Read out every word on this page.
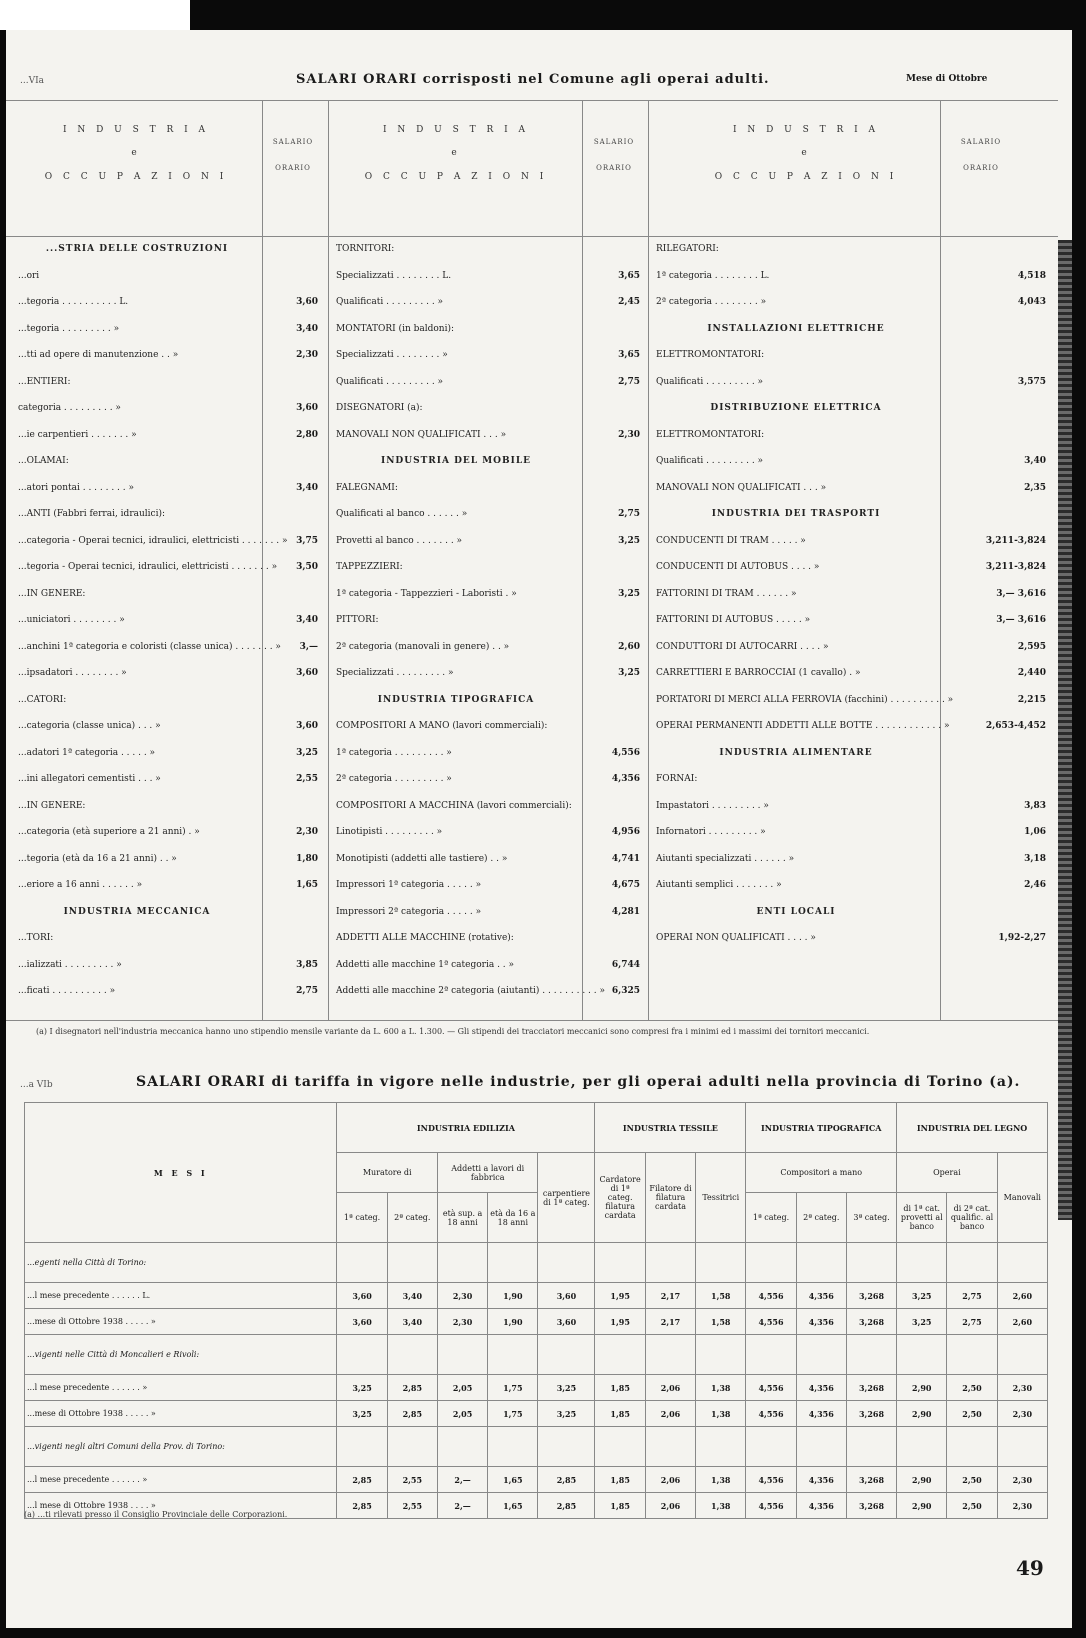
...VIa	SALARI ORARI corrisposti nel Comune agli operai adulti.	Mese di Ottobre
I N D U S T R I A
e
O C C U P A Z I O N I
SALARIO
ORARIO
I N D U S T R I A
e
O C C U P A Z I O N I
SALARIO
ORARIO
I N D U S T R I A
e
O C C U P A Z I O N I
SALARIO
ORARIO
...STRIA DELLE COSTRUZIONI
...ori
...tegoria . . . . . . . . . . L.	3,60
...tegoria . . . . . . . . . »	3,40
...tti ad opere di manutenzione . . »	2,30
...ENTIERI:
categoria . . . . . . . . . »	3,60
...ie carpentieri . . . . . . . »	2,80
...OLAMAI:
...atori pontai . . . . . . . . »	3,40
...ANTI (Fabbri ferrai, idraulici):
...categoria - Operai tecnici, idraulici, elettricisti . . . . . . . » 3,75
...tegoria - Operai tecnici, idraulici, elettricisti . . . . . . . »	3,50
...IN GENERE:
...uniciatori . . . . . . . . »	3,40
...anchini 1ª categoria e coloristi (classe unica) . . . . . . . »	3,—
...ipsadatori . . . . . . . . »	3,60
...CATORI:
...categoria (classe unica) . . . »	3,60
...adatori 1ª categoria . . . . . »	3,25
...ini allegatori cementisti . . . »	2,55
...IN GENERE:
...categoria (età superiore a 21 anni) . »	2,30
...tegoria (età da 16 a 21 anni) . . »	1,80
...eriore a 16 anni . . . . . . »	1,65
INDUSTRIA MECCANICA
...TORI:
...ializzati . . . . . . . . . »	3,85
...ficati . . . . . . . . . . »	2,75
TORNITORI:
Specializzati . . . . . . . . L.	3,65
Qualificati . . . . . . . . . »	2,45
MONTATORI (in baldoni):
Specializzati . . . . . . . . »	3,65
Qualificati . . . . . . . . . »	2,75
DISEGNATORI (a):
MANOVALI NON QUALIFICATI . . . »	2,30
INDUSTRIA DEL MOBILE
FALEGNAMI:
Qualificati al banco . . . . . . »	2,75
Provetti al banco . . . . . . . »	3,25
TAPPEZZIERI:
1ª categoria - Tappezzieri - Laboristi . »	3,25
PITTORI:
2ª categoria (manovali in genere) . . »	2,60
Specializzati . . . . . . . . . »	3,25
INDUSTRIA TIPOGRAFICA
COMPOSITORI A MANO (lavori commerciali):
1ª categoria . . . . . . . . . »	4,556
2ª categoria . . . . . . . . . »	4,356
COMPOSITORI A MACCHINA (lavori commerciali):
Linotipisti . . . . . . . . . »	4,956
Monotipisti (addetti alle tastiere) . . »	4,741
Impressori 1ª categoria . . . . . »	4,675
Impressori 2ª categoria . . . . . »	4,281
ADDETTI ALLE MACCHINE (rotative):
Addetti alle macchine 1ª categoria . . »	6,744
Addetti alle macchine 2ª categoria (aiutanti) . . . . . . . . . . » 6,325
RILEGATORI:
1ª categoria . . . . . . . . L.	4,518
2ª categoria . . . . . . . . »	4,043
INSTALLAZIONI ELETTRICHE
ELETTROMONTATORI:
Qualificati . . . . . . . . . »	3,575
DISTRIBUZIONE ELETTRICA
ELETTROMONTATORI:
Qualificati . . . . . . . . . »	3,40
MANOVALI NON QUALIFICATI . . . »	2,35
INDUSTRIA DEI TRASPORTI
CONDUCENTI DI TRAM . . . . . »	3,211-3,824
CONDUCENTI DI AUTOBUS . . . . »	3,211-3,824
FATTORINI DI TRAM . . . . . . »	3,— 3,616
FATTORINI DI AUTOBUS . . . . . »	3,— 3,616
CONDUTTORI DI AUTOCARRI . . . . »	2,595
CARRETTIERI E BARROCCIAI (1 cavallo) . »	2,440
PORTATORI DI MERCI ALLA FERROVIA (facchini) . . . . . . . . . . »	2,215
OPERAI PERMANENTI ADDETTI ALLE BOTTE . . . . . . . . . . . . »	2,653-4,452
INDUSTRIA ALIMENTARE
FORNAI:
Impastatori . . . . . . . . . »	3,83
Infornatori . . . . . . . . . »	1,06
Aiutanti specializzati . . . . . . »	3,18
Aiutanti semplici . . . . . . . »	2,46
ENTI LOCALI
OPERAI NON QUALIFICATI . . . . »	1,92-2,27
(a) I disegnatori nell'industria meccanica hanno uno stipendio mensile variante da L. 600 a L. 1.300. — Gli stipendi dei tracciatori meccanici sono compresi fra i minimi ed i massimi dei tornitori meccanici.
...a VIb	SALARI ORARI di tariffa in vigore nelle industrie, per gli operai adulti nella provincia di Torino (a).
M E S I	INDUSTRIA EDILIZIA					INDUSTRIA TESSILE			INDUSTRIA TIPOGRAFICA			INDUSTRIA DEL LEGNO		
	Muratore di		Addetti a lavori di fabbrica		carpentiere di 1ª categ.	Cardatore di 1ª categ. filatura cardata	Filatore di filatura cardata	Tessitrici	Compositori a mano			Operai		Manovali
	1ª categ.	2ª categ.	età sup. a 18 anni	età da 16 a 18 anni					1ª categ.	2ª categ.	3ª categ.	di 1ª cat. provetti al banco	di 2ª cat. qualific. al banco	
...egenti nella Città di Torino:														
...l mese precedente . . . . . . L.	3,60	3,40	2,30	1,90	3,60	1,95	2,17	1,58	4,556	4,356	3,268	3,25	2,75	2,60
...mese di Ottobre 1938 . . . . . »	3,60	3,40	2,30	1,90	3,60	1,95	2,17	1,58	4,556	4,356	3,268	3,25	2,75	2,60
...vigenti nelle Città di Moncalieri e Rivoli:														
...l mese precedente . . . . . . »	3,25	2,85	2,05	1,75	3,25	1,85	2,06	1,38	4,556	4,356	3,268	2,90	2,50	2,30
...mese di Ottobre 1938 . . . . . »	3,25	2,85	2,05	1,75	3,25	1,85	2,06	1,38	4,556	4,356	3,268	2,90	2,50	2,30
...vigenti negli altri Comuni della Prov. di Torino:														
...l mese precedente . . . . . . »	2,85	2,55	2,—	1,65	2,85	1,85	2,06	1,38	4,556	4,356	3,268	2,90	2,50	2,30
...l mese di Ottobre 1938 . . . . »	2,85	2,55	2,—	1,65	2,85	1,85	2,06	1,38	4,556	4,356	3,268	2,90	2,50	2,30
(a) ...ti rilevati presso il Consiglio Provinciale delle Corporazioni.
49
